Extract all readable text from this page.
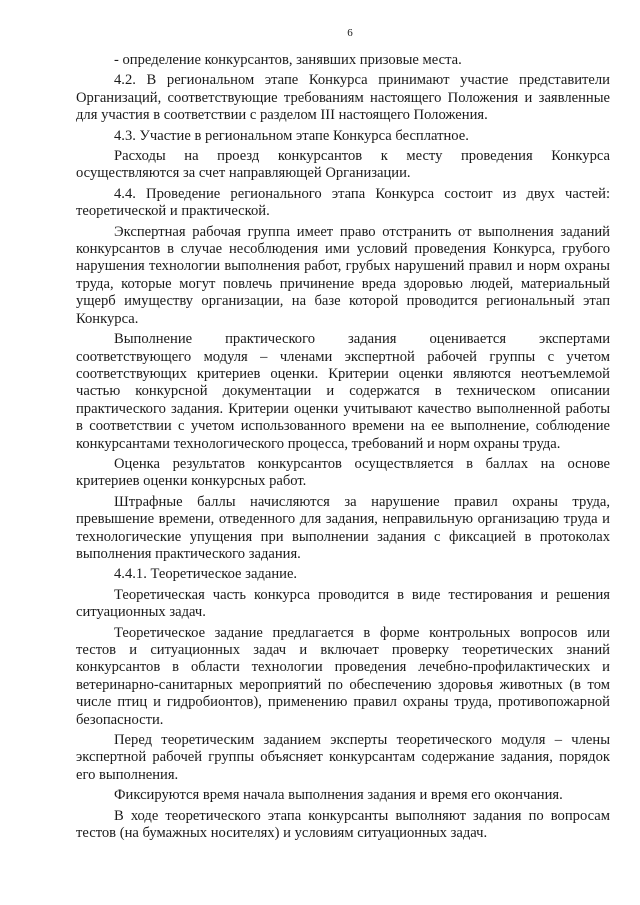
6

- определение конкурсантов, занявших призовые места.

4.2. В региональном этапе Конкурса принимают участие представители Организаций, соответствующие требованиям настоящего Положения и заявленные для участия в соответствии с разделом III настоящего Положения.

4.3. Участие в региональном этапе Конкурса бесплатное.

Расходы на проезд конкурсантов к месту проведения Конкурса осуществляются за счет направляющей Организации.

4.4. Проведение регионального этапа Конкурса состоит из двух частей: теоретической и практической.

Экспертная рабочая группа имеет право отстранить от выполнения заданий конкурсантов в случае несоблюдения ими условий проведения Конкурса, грубого нарушения технологии выполнения работ, грубых нарушений правил и норм охраны труда, которые могут повлечь причинение вреда здоровью людей, материальный ущерб имуществу организации, на базе которой проводится региональный этап Конкурса.

Выполнение практического задания оценивается экспертами соответствующего модуля – членами экспертной рабочей группы с учетом соответствующих критериев оценки. Критерии оценки являются неотъемлемой частью конкурсной документации и содержатся в техническом описании практического задания. Критерии оценки учитывают качество выполненной работы в соответствии с учетом использованного времени на ее выполнение, соблюдение конкурсантами технологического процесса, требований и норм охраны труда.

Оценка результатов конкурсантов осуществляется в баллах на основе критериев оценки конкурсных работ.

Штрафные баллы начисляются за нарушение правил охраны труда, превышение времени, отведенного для задания, неправильную организацию труда и технологические упущения при выполнении задания с фиксацией в протоколах выполнения практического задания.

4.4.1. Теоретическое задание.

Теоретическая часть конкурса проводится в виде тестирования и решения ситуационных задач.

Теоретическое задание предлагается в форме контрольных вопросов или тестов и ситуационных задач и включает проверку теоретических знаний конкурсантов в области технологии проведения лечебно-профилактических и ветеринарно-санитарных мероприятий по обеспечению здоровья животных (в том числе птиц и гидробионтов), применению правил охраны труда, противопожарной безопасности.

Перед теоретическим заданием эксперты теоретического модуля – члены экспертной рабочей группы объясняет конкурсантам содержание задания, порядок его выполнения.

Фиксируются время начала выполнения задания и время его окончания.

В ходе теоретического этапа конкурсанты выполняют задания по вопросам тестов (на бумажных носителях) и условиям ситуационных задач.
